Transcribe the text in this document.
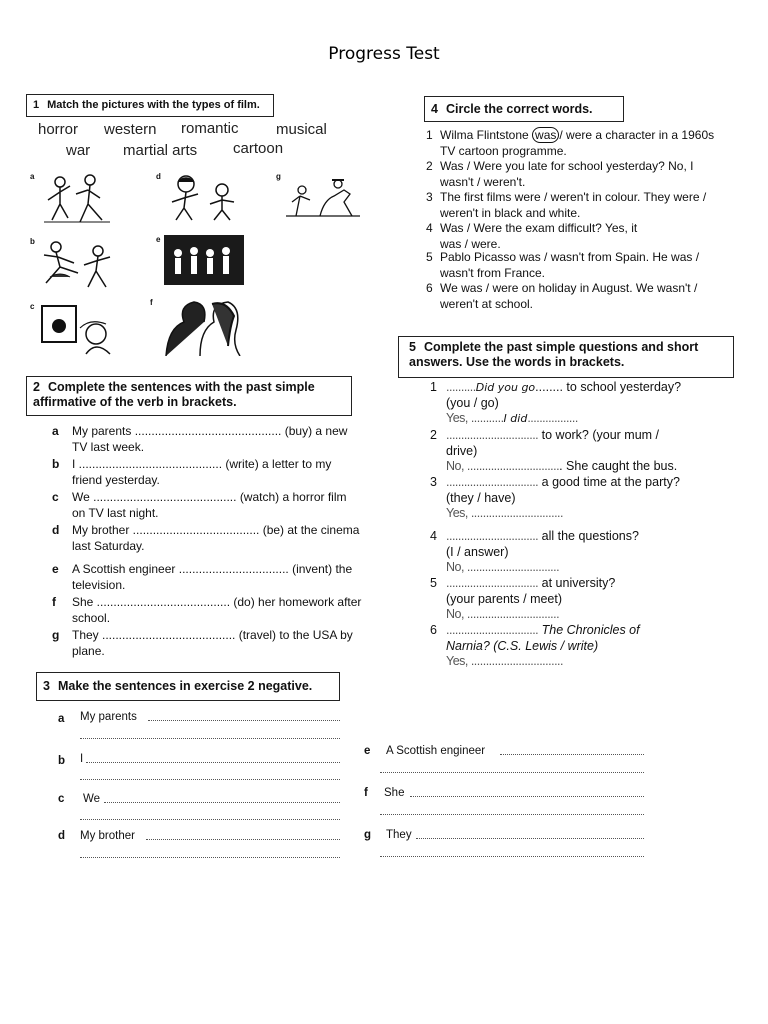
Progress Test
1 Match the pictures with the types of film.
horror western romantic musical
war martial arts cartoon
a
b
c
d
e
f
g
2 Complete the sentences with the past simple affirmative of the verb in brackets.
a My parents ............................................ (buy) a new TV last week.
b I ........................................... (write) a letter to my friend yesterday.
c We ........................................... (watch) a horror film on TV last night.
d My brother ...................................... (be) at the cinema last Saturday.
e A Scottish engineer ................................. (invent) the television.
f She ........................................ (do) her homework after school.
g They ........................................ (travel) to the USA by plane.
3 Make the sentences in exercise 2 negative.
a My parents
b I
c We
d My brother
e A Scottish engineer
f She
g They
4 Circle the correct words.
1 Wilma Flintstone was / were a character in a 1960s TV cartoon programme.
2 Was / Were you late for school yesterday? No, I wasn't / weren't.
3 The first films were / weren't in colour. They were / weren't in black and white.
4 Was / Were the exam difficult? Yes, it was / were.
5 Pablo Picasso was / wasn't from Spain. He was / wasn't from France.
6 We was / were on holiday in August. We wasn't / weren't at school.
5 Complete the past simple questions and short answers. Use the words in brackets.
1 ..........Did you go........ to school yesterday?
(you / go)
Yes, ...........I did.................
2 ............................... to work? (your mum /
drive)
No, ................................ She caught the bus.
3 ............................... a good time at the party?
(they / have)
Yes, ...............................
4 ............................... all the questions?
(I / answer)
No, ...............................
5 ............................... at university?
(your parents / meet)
No, ...............................
6 ............................... The Chronicles of
Narnia? (C.S. Lewis / write)
Yes, ...............................
